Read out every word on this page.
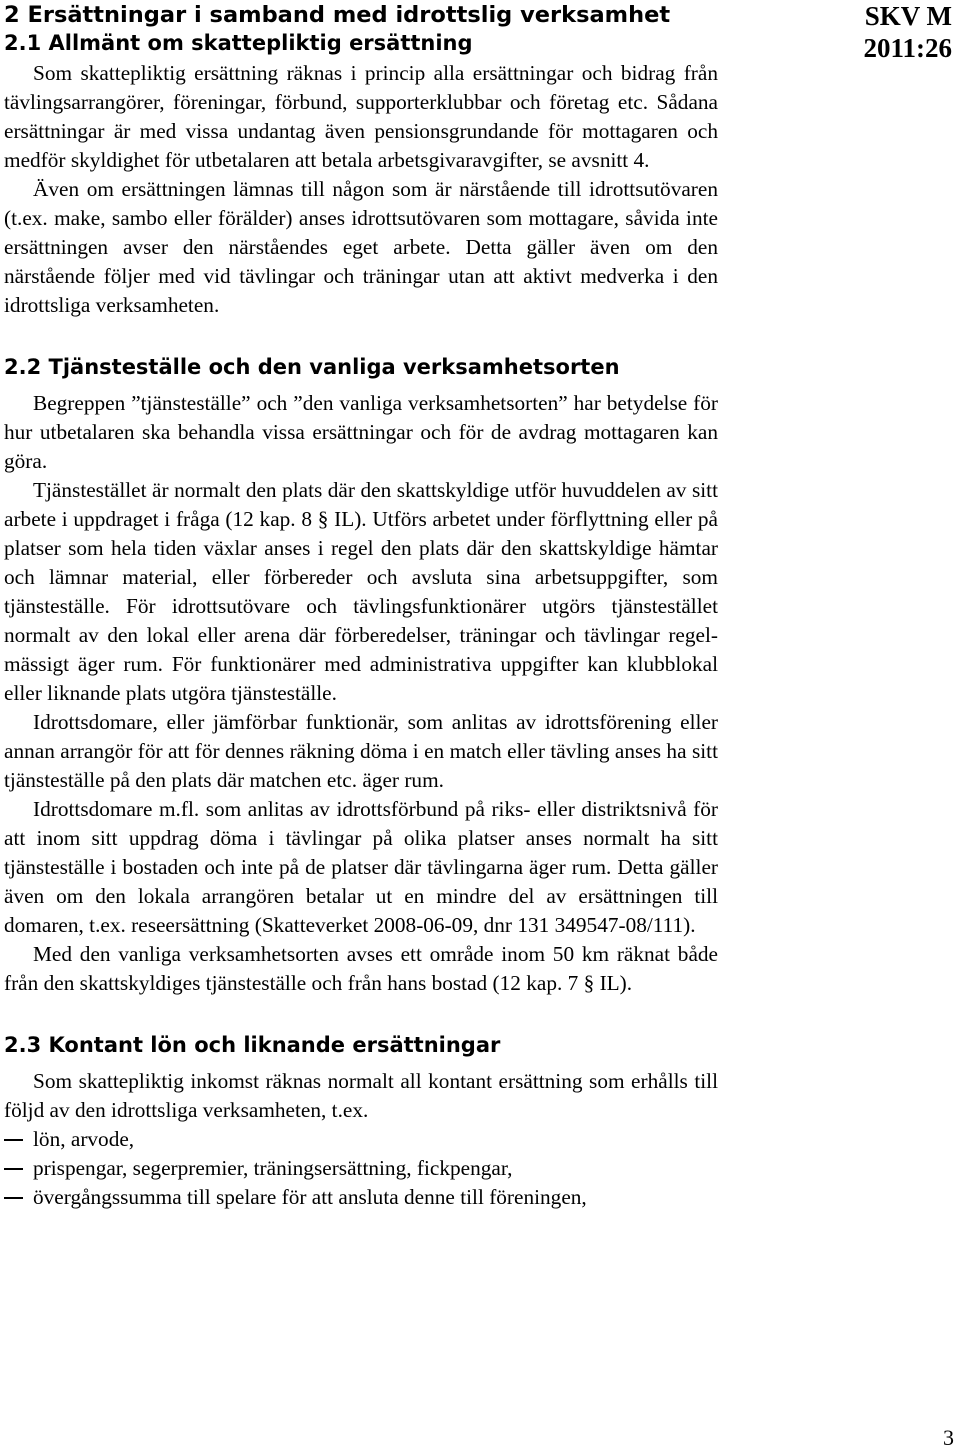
SKV M
2011:26
2 Ersättningar i samband med idrottslig verksamhet
2.1 Allmänt om skattepliktig ersättning

Som skattepliktig ersättning räknas i princip alla ersättningar och bidrag från tävlingsarrangörer, föreningar, förbund, supporterklubbar och företag etc. Sådana ersättningar är med vissa undantag även pensionsgrundande för mottagaren och medför skyldighet för utbetalaren att betala arbetsgivaravgifter, se avsnitt 4.

Även om ersättningen lämnas till någon som är närstående till idrottsutövaren (t.ex. make, sambo eller förälder) anses idrottsutövaren som mottagare, såvida inte ersättningen avser den närståendes eget arbete. Detta gäller även om den närstående följer med vid tävlingar och träningar utan att aktivt medverka i den idrottsliga verksamheten.

2.2 Tjänsteställe och den vanliga verksamhetsorten

Begreppen ”tjänsteställe” och ”den vanliga verksamhetsorten” har betydelse för hur utbetalaren ska behandla vissa ersättningar och för de avdrag mottagaren kan göra.

Tjänstestället är normalt den plats där den skattskyldige utför huvuddelen av sitt arbete i uppdraget i fråga (12 kap. 8 § IL). Utförs arbetet under förflyttning eller på platser som hela tiden växlar anses i regel den plats där den skattskyldige hämtar och lämnar material, eller förbereder och avsluta sina arbetsuppgifter, som tjänsteställe. För idrottsutövare och tävlingsfunktionärer utgörs tjänstestället normalt av den lokal eller arena där förberedelser, träningar och tävlingar regelmässigt äger rum. För funktionärer med administrativa uppgifter kan klubblokal eller liknande plats utgöra tjänsteställe.

Idrottsdomare, eller jämförbar funktionär, som anlitas av idrottsförening eller annan arrangör för att för dennes räkning döma i en match eller tävling anses ha sitt tjänsteställe på den plats där matchen etc. äger rum.

Idrottsdomare m.fl. som anlitas av idrottsförbund på riks- eller distriktsnivå för att inom sitt uppdrag döma i tävlingar på olika platser anses normalt ha sitt tjänsteställe i bostaden och inte på de platser där tävlingarna äger rum. Detta gäller även om den lokala arrangören betalar ut en mindre del av ersättningen till domaren, t.ex. reseersättning (Skatteverket 2008-06-09, dnr 131 349547-08/111).

Med den vanliga verksamhetsorten avses ett område inom 50 km räknat både från den skattskyldiges tjänsteställe och från hans bostad (12 kap. 7 § IL).

2.3 Kontant lön och liknande ersättningar

Som skattepliktig inkomst räknas normalt all kontant ersättning som erhålls till följd av den idrottsliga verksamheten, t.ex.

lön, arvode,
prispengar, segerpremier, träningsersättning, fickpengar,
övergångssumma till spelare för att ansluta denne till föreningen,
3
